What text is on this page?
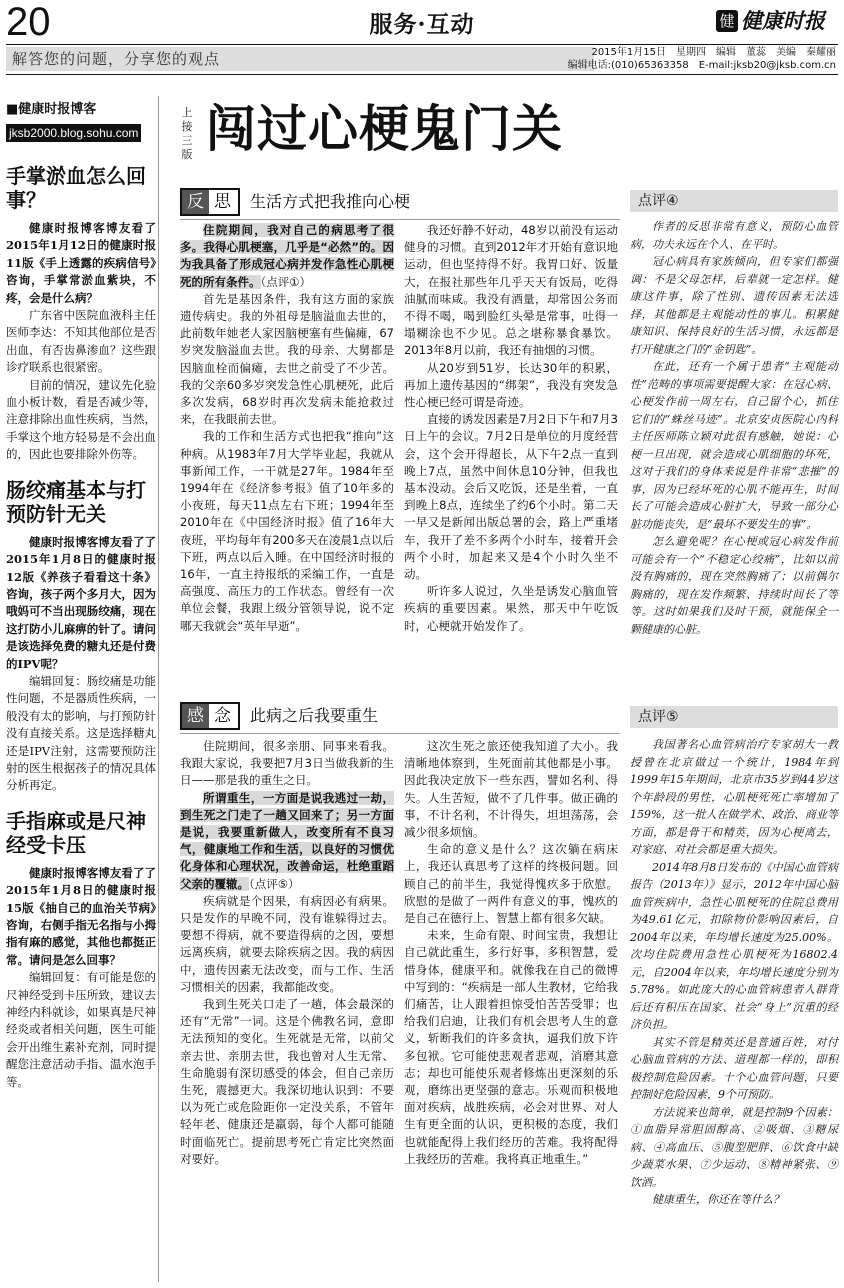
20	服务·互动	健 健康时报
解答您的问题，分享您的观点	2015年1月15日　星期四　编辑　董蕊　美编　秦耀丽
编辑电话:(010)65363358　E-mail:jksb20@jksb.com.cn
■健康时报博客
jksb2000.blog.sohu.com
手掌淤血怎么回事？

健康时报博客博友看了2015年1月12日的健康时报11版《手上透露的疾病信号》咨询，手掌常淤血紫块，不疼，会是什么病？

广东省中医院血液科主任医师李达：不知其他部位是否出血，有否齿鼻渗血？这些跟诊疗联系也很紧密。

目前的情况，建议先化验血小板计数，看是否减少等，注意排除出血性疾病，当然，手掌这个地方轻易是不会出血的，因此也要排除外伤等。

肠绞痛基本与打预防针无关

健康时报博客博友看了了2015年1月8日的健康时报12版《养孩子看看这十条》咨询，孩子两个多月大，因为哦妈可不当出现肠绞痛，现在这打防小儿麻痹的针了。请问是该选择免费的糖丸还是付费的IPV呢？

编辑回复：肠绞痛是功能性问题，不是器质性疾病，一般没有太的影响，与打预防针没有直接关系。这是选择糖丸还是IPV注射，这需要预防注射的医生根据孩子的情况具体分析再定。

手指麻或是尺神经受卡压

健康时报博客博友看了了2015年1月8日的健康时报15版《抽自己的血治关节病》咨询，右侧手指无名指与小拇指有麻的感觉，其他也都挺正常。请问是怎么回事？

编辑回复：有可能是您的尺神经受到卡压所致，建议去神经内科就诊，如果真是尺神经炎或者相关问题，医生可能会开出维生素补充剂，同时提醒您注意活动手指、温水泡手等。

上接三版 闯过心梗鬼门关
反 思 生活方式把我推向心梗

住院期间，我对自己的病思考了很多。我得心肌梗塞，几乎是“必然”的。因为我具备了形成冠心病并发作急性心肌梗死的所有条件。（点评①）

首先是基因条件，我有这方面的家族遗传病史。我的外祖母是脑溢血去世的，此前数年她老人家因脑梗塞有些偏瘫，67岁突发脑溢血去世。我的母亲、大舅都是因脑血栓而偏瘫，去世之前受了不少苦。我的父亲60多岁突发急性心肌梗死，此后多次发病，68岁时再次发病未能抢救过来，在我眼前去世。

我的工作和生活方式也把我“推向”这种病。从1983年7月大学毕业起，我就从事新闻工作，一干就是27年。1984年至1994年在《经济参考报》值了10年多的小夜班，每天11点左右下班；1994年至2010年在《中国经济时报》值了16年大夜班，平均每年有200多天在凌晨1点以后下班，两点以后入睡。在中国经济时报的16年，一直主持报纸的采编工作，一直是高强度、高压力的工作状态。曾经有一次单位会餐，我跟上级分管领导说，说不定哪天我就会“英年早逝”。

我还好静不好动，48岁以前没有运动健身的习惯。直到2012年才开始有意识地运动，但也坚持得不好。我胃口好、饭量大，在报社那些年几乎天天有饭局，吃得油腻而味咸。我没有酒量，却常因公务而不得不喝，喝到脸红头晕是常事，吐得一塌糊涂也不少见。总之堪称暴食暴饮。2013年8月以前，我还有抽烟的习惯。

从20岁到51岁，长达30年的积累，再加上遗传基因的“绑架”，我没有突发急性心梗已经可谓是奇迹。

直接的诱发因素是7月2日下午和7月3日上午的会议。7月2日是单位的月度经营会，这个会开得超长，从下午2点一直到晚上7点，虽然中间休息10分钟，但我也基本没动。会后又吃饭，还是坐着，一直到晚上8点，连续坐了约6个小时。第二天一早又是新闻出版总署的会，路上严重堵车，我开了差不多两个小时车，接着开会两个小时，加起来又是4个小时久坐不动。

听许多人说过，久坐是诱发心脑血管疾病的重要因素。果然，那天中午吃饭时，心梗就开始发作了。

感 念 此病之后我要重生

住院期间，很多亲朋、同事来看我。我跟大家说，我要把7月3日当做我新的生日——那是我的重生之日。

所谓重生，一方面是说我逃过一劫，到生死之门走了一趟又回来了；另一方面是说，我要重新做人，改变所有不良习气，健康地工作和生活，以良好的习惯优化身体和心理状况，改善命运，杜绝重蹈父亲的覆辙。（点评⑤）

疾病就是个因果，有病因必有病果。只是发作的早晚不同，没有谁躲得过去。要想不得病，就不要造得病的之因，要想远离疾病，就要去除疾病之因。我的病因中，遗传因素无法改变，而与工作、生活习惯相关的因素，我都能改变。

我到生死关口走了一趟，体会最深的还有“无常”一词。这是个佛教名词，意即无法预知的变化。生死就是无常，以前父亲去世、亲朋去世，我也曾对人生无常、生命脆弱有深切感受的体会，但自己亲历生死，震撼更大。我深切地认识到：不要以为死亡或危险距你一定没关系，不管年轻年老、健康还是羸弱，每个人都可能随时面临死亡。提前思考死亡肯定比突然面对要好。

这次生死之旅还使我知道了大小。我清晰地体察到，生死面前其他都是小事。因此我决定放下一些东西，譬如名利、得失。人生苦短，做不了几件事。做正确的事，不计名利，不计得失，坦坦荡荡，会减少很多烦恼。

生命的意义是什么？这次躺在病床上，我还认真思考了这样的终极问题。回顾自己的前半生，我觉得愧疚多于欣慰。欣慰的是做了一两件有意义的事，愧疚的是自己在德行上、智慧上都有很多欠缺。

未来，生命有限、时间宝贵，我想让自己就此重生，多行好事，多积智慧，爱惜身体，健康平和。就像我在自己的微博中写到的：“疾病是一部人生教材，它给我们痛苦，让人跟着担惊受怕苦苦受罪；也给我们启迪，让我们有机会思考人生的意义，斩断我们的许多贪执，逼我们放下许多包袱。它可能使悲观者悲观，消磨其意志；却也可能使乐观者修炼出更深刻的乐观，磨练出更坚强的意志。乐观而积极地面对疾病，战胜疾病，必会对世界、对人生有更全面的认识，更积极的态度，我们也就能配得上我们经历的苦难。我将配得上我经历的苦难。我将真正地重生。”

点评④

作者的反思非常有意义，预防心血管病，功夫永远在个人、在平时。

冠心病具有家族倾向，但专家们都强调：不是父母怎样，后辈就一定怎样。健康这件事，除了性别、遗传因素无法选择，其他都是主观能动性的事儿。积累健康知识、保持良好的生活习惯，永远都是打开健康之门的“金钥匙”。

在此，还有一个属于患者“主观能动性”范畴的事项需要提醒大家：在冠心病、心梗发作前一周左右，自己留个心，抓住它们的“蛛丝马迹”。北京安贞医院心内科主任医师陈立颖对此很有感触，她说：心梗一旦出现，就会造成心肌细胞的坏死，这对于我们的身体来说是件非常“悲摧”的事，因为已经坏死的心肌不能再生，时间长了可能会造成心脏扩大，导致一部分心脏功能丧失，是“最坏不要发生的事”。

怎么避免呢？在心梗或冠心病发作前可能会有一个“不稳定心绞痛”，比如以前没有胸痛的，现在突然胸痛了；以前偶尔胸痛的，现在发作频繁、持续时间长了等等。这时如果我们及时干预，就能保全一颗健康的心脏。

点评⑤

我国著名心血管病治疗专家胡大一教授曾在北京做过一个统计，1984年到1999年15年期间，北京市35岁到44岁这个年龄段的男性，心肌梗死死亡率增加了159%，这一批人在做学术、政治、商业等方面，都是骨干和精英，因为心梗离去，对家庭、对社会都是重大损失。

2014年8月8日发布的《中国心血管病报告（2013年）》显示，2012年中国心脑血管疾病中，急性心肌梗死的住院总费用为49.61亿元，扣除物价影响因素后，自2004年以来，年均增长速度为25.00%。次均住院费用急性心肌梗死为16802.4元，自2004年以来，年均增长速度分别为5.78%。如此庞大的心血管病患者人群背后还有积压在国家、社会“身上”沉重的经济负担。

其实不管是精英还是普通百姓，对付心脑血管病的方法、道理都一样的，即积极控制危险因素。十个心血管问题，只要控制好危险因素，9个可预防。

方法说来也简单，就是控制9个因素：①血脂异常胆固醇高、②吸烟、③糖尿病、④高血压、⑤腹型肥胖、⑥饮食中缺少蔬菜水果、⑦少运动、⑧精神紧张、⑨饮酒。

健康重生，你还在等什么？
